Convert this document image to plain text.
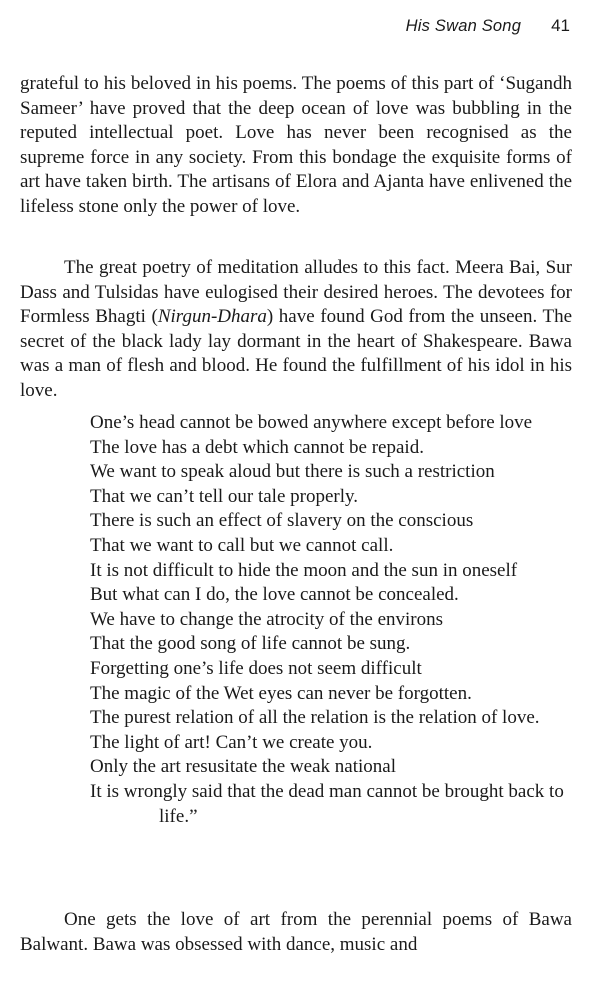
His Swan Song 41

grateful to his beloved in his poems. The poems of this part of ‘Sugandh Sameer’ have proved that the deep ocean of love was bubbling in the reputed intellectual poet. Love has never been recognised as the supreme force in any society. From this bondage the exquisite forms of art have taken birth. The artisans of Elora and Ajanta have enlivened the lifeless stone only the power of love.

The great poetry of meditation alludes to this fact. Meera Bai, Sur Dass and Tulsidas have eulogised their desired heroes. The devotees for Formless Bhagti (Nirgun-Dhara) have found God from the unseen. The secret of the black lady lay dormant in the heart of Shakespeare. Bawa was a man of flesh and blood. He found the fulfillment of his idol in his love.

One’s head cannot be bowed anywhere except before love

The love has a debt which cannot be repaid.

We want to speak aloud but there is such a restriction

That we can’t tell our tale properly.

There is such an effect of slavery on the conscious

That we want to call but we cannot call.

It is not difficult to hide the moon and the sun in oneself

But what can I do, the love cannot be concealed.

We have to change the atrocity of the environs

That the good song of life cannot be sung.

Forgetting one’s life does not seem difficult

The magic of the Wet eyes can never be forgotten.

The purest relation of all the relation is the relation of love.

The light of art! Can’t we create you.

Only the art resusitate the weak national

It is wrongly said that the dead man cannot be brought back to life.”

One gets the love of art from the perennial poems of Bawa Balwant. Bawa was obsessed with dance, music and
